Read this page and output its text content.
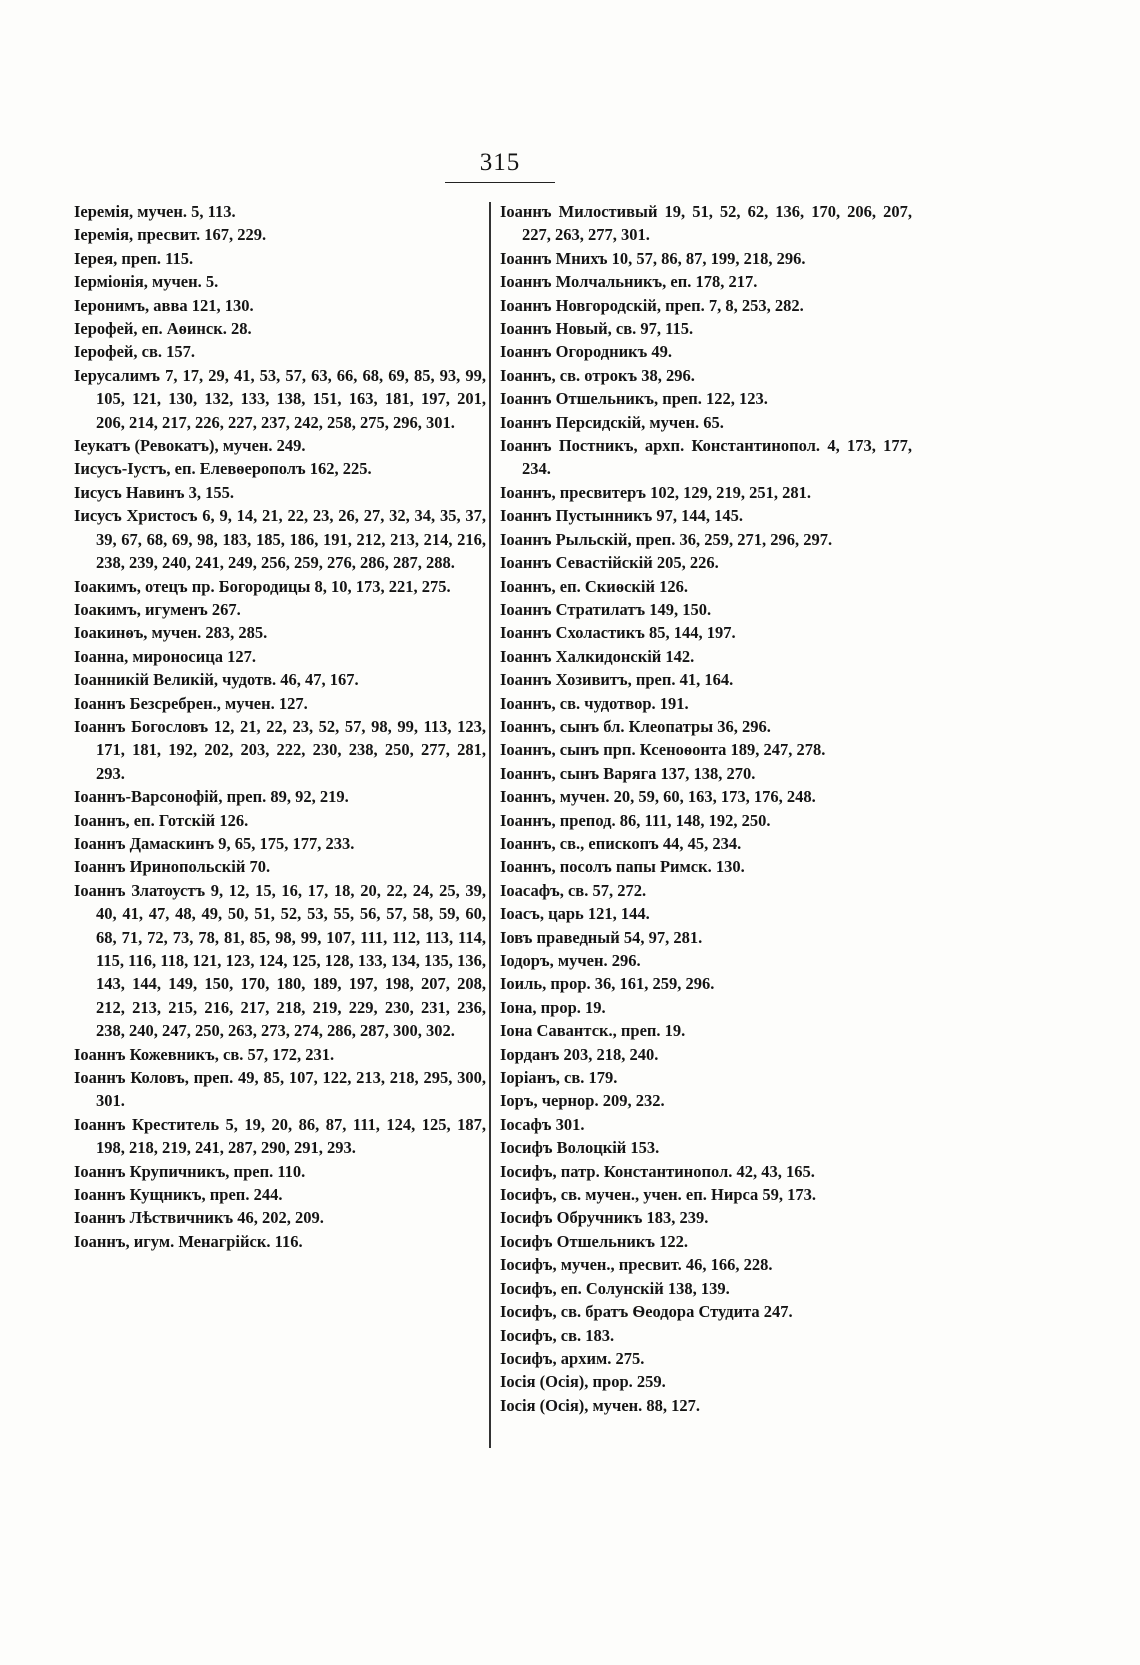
315
Іеремія, мучен. 5, 113.
Іеремія, пресвит. 167, 229.
Іерея, преп. 115.
Іерміонія, мучен. 5.
Іеронимъ, авва 121, 130.
Іерофей, еп. Аѳинск. 28.
Іерофей, св. 157.
Іерусалимъ 7, 17, 29, 41, 53, 57, 63, 66, 68, 69, 85, 93, 99, 105, 121, 130, 132, 133, 138, 151, 163, 181, 197, 201, 206, 214, 217, 226, 227, 237, 242, 258, 275, 296, 301.
Іеукатъ (Ревокатъ), мучен. 249.
Іисусъ-Іустъ, еп. Елевѳерополъ 162, 225.
Іисусъ Навинъ 3, 155.
Іисусъ Христосъ 6, 9, 14, 21, 22, 23, 26, 27, 32, 34, 35, 37, 39, 67, 68, 69, 98, 183, 185, 186, 191, 212, 213, 214, 216, 238, 239, 240, 241, 249, 256, 259, 276, 286, 287, 288.
Іоакимъ, отецъ пр. Богородицы 8, 10, 173, 221, 275.
Іоакимъ, игуменъ 267.
Іоакинѳъ, мучен. 283, 285.
Іоанна, мироносица 127.
Іоанникій Великій, чудотв. 46, 47, 167.
Іоаннъ Безсребрен., мучен. 127.
Іоаннъ Богословъ 12, 21, 22, 23, 52, 57, 98, 99, 113, 123, 171, 181, 192, 202, 203, 222, 230, 238, 250, 277, 281, 293.
Іоаннъ-Варсонофій, преп. 89, 92, 219.
Іоаннъ, еп. Готскій 126.
Іоаннъ Дамаскинъ 9, 65, 175, 177, 233.
Іоаннъ Иринопольскій 70.
Іоаннъ Златоустъ 9, 12, 15, 16, 17, 18, 20, 22, 24, 25, 39, 40, 41, 47, 48, 49, 50, 51, 52, 53, 55, 56, 57, 58, 59, 60, 68, 71, 72, 73, 78, 81, 85, 98, 99, 107, 111, 112, 113, 114, 115, 116, 118, 121, 123, 124, 125, 128, 133, 134, 135, 136, 143, 144, 149, 150, 170, 180, 189, 197, 198, 207, 208, 212, 213, 215, 216, 217, 218, 219, 229, 230, 231, 236, 238, 240, 247, 250, 263, 273, 274, 286, 287, 300, 302.
Іоаннъ Кожевникъ, св. 57, 172, 231.
Іоаннъ Коловъ, преп. 49, 85, 107, 122, 213, 218, 295, 300, 301.
Іоаннъ Креститель 5, 19, 20, 86, 87, 111, 124, 125, 187, 198, 218, 219, 241, 287, 290, 291, 293.
Іоаннъ Крупичникъ, преп. 110.
Іоаннъ Кущникъ, преп. 244.
Іоаннъ Лѣствичникъ 46, 202, 209.
Іоаннъ, игум. Менагрійск. 116.
Іоаннъ Милостивый 19, 51, 52, 62, 136, 170, 206, 207, 227, 263, 277, 301.
Іоаннъ Мнихъ 10, 57, 86, 87, 199, 218, 296.
Іоаннъ Молчальникъ, еп. 178, 217.
Іоаннъ Новгородскій, преп. 7, 8, 253, 282.
Іоаннъ Новый, св. 97, 115.
Іоаннъ Огородникъ 49.
Іоаннъ, св. отрокъ 38, 296.
Іоаннъ Отшельникъ, преп. 122, 123.
Іоаннъ Персидскій, мучен. 65.
Іоаннъ Постникъ, архп. Константинопол. 4, 173, 177, 234.
Іоаннъ, пресвитеръ 102, 129, 219, 251, 281.
Іоаннъ Пустынникъ 97, 144, 145.
Іоаннъ Рыльскій, преп. 36, 259, 271, 296, 297.
Іоаннъ Севастійскій 205, 226.
Іоаннъ, еп. Скиѳскій 126.
Іоаннъ Стратилатъ 149, 150.
Іоаннъ Схоластикъ 85, 144, 197.
Іоаннъ Халкидонскій 142.
Іоаннъ Хозивитъ, преп. 41, 164.
Іоаннъ, св. чудотвор. 191.
Іоаннъ, сынъ бл. Клеопатры 36, 296.
Іоаннъ, сынъ прп. Ксеноѳонта 189, 247, 278.
Іоаннъ, сынъ Варяга 137, 138, 270.
Іоаннъ, мучен. 20, 59, 60, 163, 173, 176, 248.
Іоаннъ, препод. 86, 111, 148, 192, 250.
Іоаннъ, св., епископъ 44, 45, 234.
Іоаннъ, посолъ папы Римск. 130.
Іоасафъ, св. 57, 272.
Іоасъ, царь 121, 144.
Іовъ праведный 54, 97, 281.
Іодоръ, мучен. 296.
Іоиль, прор. 36, 161, 259, 296.
Іона, прор. 19.
Іона Савантск., преп. 19.
Іорданъ 203, 218, 240.
Іоріанъ, св. 179.
Іоръ, чернор. 209, 232.
Іосафъ 301.
Іосифъ Волоцкій 153.
Іосифъ, патр. Константинопол. 42, 43, 165.
Іосифъ, св. мучен., учен. еп. Нирса 59, 173.
Іосифъ Обручникъ 183, 239.
Іосифъ Отшельникъ 122.
Іосифъ, мучен., пресвит. 46, 166, 228.
Іосифъ, еп. Солунскій 138, 139.
Іосифъ, св. братъ Ѳеодора Студита 247.
Іосифъ, св. 183.
Іосифъ, архим. 275.
Іосія (Осія), прор. 259.
Іосія (Осія), мучен. 88, 127.
